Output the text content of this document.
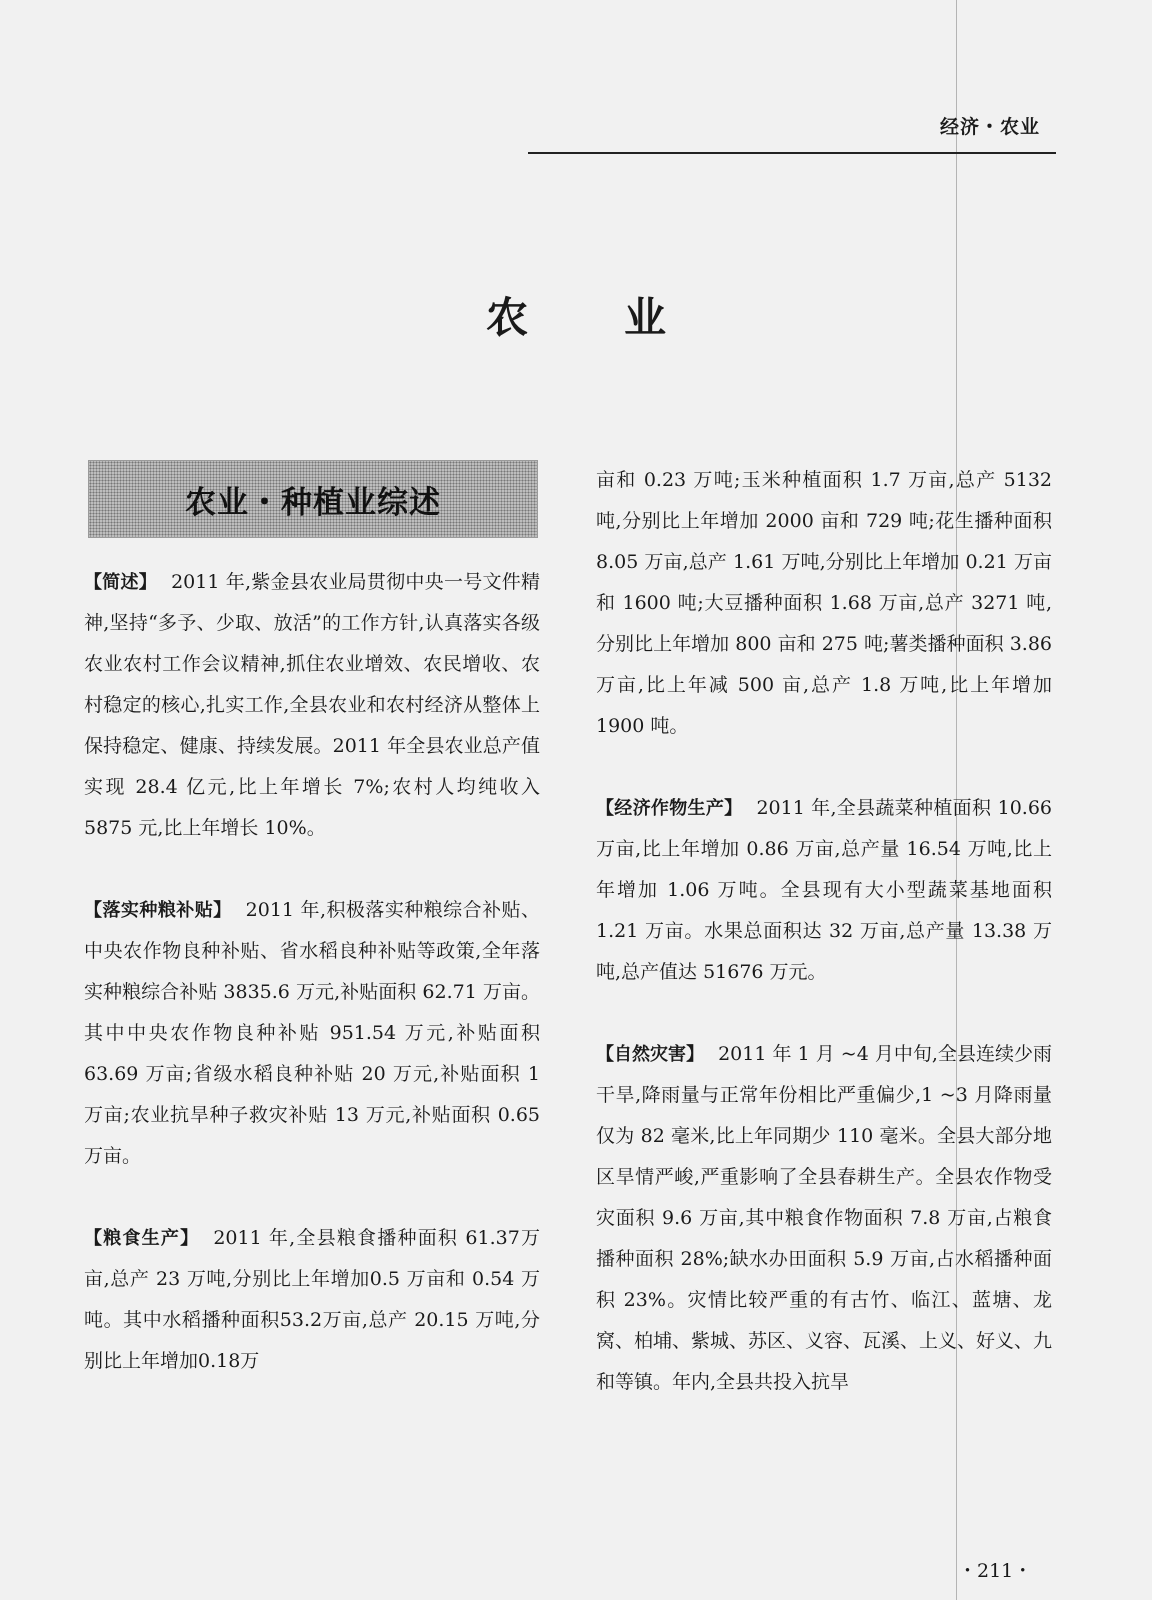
经济・农业
农业
农业・种植业综述

【简述】 2011 年,紫金县农业局贯彻中央一号文件精神,坚持“多予、少取、放活”的工作方针,认真落实各级农业农村工作会议精神,抓住农业增效、农民增收、农村稳定的核心,扎实工作,全县农业和农村经济从整体上保持稳定、健康、持续发展。2011 年全县农业总产值实现 28.4 亿元,比上年增长 7%;农村人均纯收入 5875 元,比上年增长 10%。

【落实种粮补贴】 2011 年,积极落实种粮综合补贴、中央农作物良种补贴、省水稻良种补贴等政策,全年落实种粮综合补贴 3835.6 万元,补贴面积 62.71 万亩。其中中央农作物良种补贴 951.54 万元,补贴面积 63.69 万亩;省级水稻良种补贴 20 万元,补贴面积 1 万亩;农业抗旱种子救灾补贴 13 万元,补贴面积 0.65 万亩。

【粮食生产】 2011 年,全县粮食播种面积 61.37万亩,总产 23 万吨,分别比上年增加0.5 万亩和 0.54 万吨。其中水稻播种面积53.2万亩,总产 20.15 万吨,分别比上年增加0.18万

亩和 0.23 万吨;玉米种植面积 1.7 万亩,总产 5132 吨,分别比上年增加 2000 亩和 729 吨;花生播种面积 8.05 万亩,总产 1.61 万吨,分别比上年增加 0.21 万亩和 1600 吨;大豆播种面积 1.68 万亩,总产 3271 吨,分别比上年增加 800 亩和 275 吨;薯类播种面积 3.86 万亩,比上年减 500 亩,总产 1.8 万吨,比上年增加1900 吨。

【经济作物生产】 2011 年,全县蔬菜种植面积 10.66 万亩,比上年增加 0.86 万亩,总产量 16.54 万吨,比上年增加 1.06 万吨。全县现有大小型蔬菜基地面积 1.21 万亩。水果总面积达 32 万亩,总产量 13.38 万吨,总产值达 51676 万元。

【自然灾害】 2011 年 1 月 ~4 月中旬,全县连续少雨干旱,降雨量与正常年份相比严重偏少,1 ~3 月降雨量仅为 82 毫米,比上年同期少 110 毫米。全县大部分地区旱情严峻,严重影响了全县春耕生产。全县农作物受灾面积 9.6 万亩,其中粮食作物面积 7.8 万亩,占粮食播种面积 28%;缺水办田面积 5.9 万亩,占水稻播种面积 23%。灾情比较严重的有古竹、临江、蓝塘、龙窝、柏埔、紫城、苏区、义容、瓦溪、上义、好义、九和等镇。年内,全县共投入抗旱

・211・
